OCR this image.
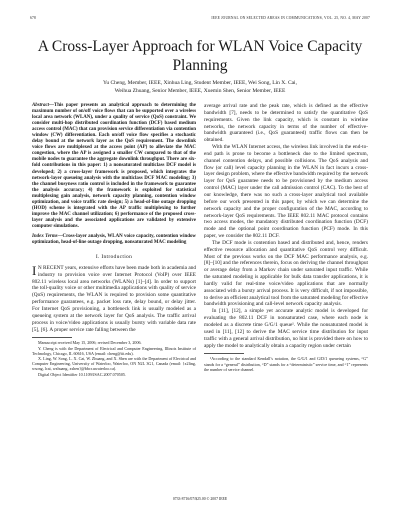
678	IEEE JOURNAL ON SELECTED AREAS IN COMMUNICATIONS, VOL. 25, NO. 4, MAY 2007
A Cross-Layer Approach for WLAN Voice Capacity Planning
Yu Cheng, Member, IEEE, Xinhua Ling, Student Member, IEEE, Wei Song, Lin X. Cai,
Weihua Zhuang, Senior Member, IEEE, Xuemin Shen, Senior Member, IEEE
Abstract—This paper presents an analytical approach to determining the maximum number of on/off voice flows that can be supported over a wireless local area network (WLAN), under a quality of service (QoS) constraint. We consider multi-hop distributed coordination function (DCF) based medium access control (MAC) that can provision service differentiation via contention window (CW) differentiation. Each on/off voice flow specifies a stochastic delay bound at the network layer as the QoS requirement. The downlink voice flows are multiplexed at the access point (AP) to alleviate the MAC congestion, where the AP is assigned a smaller CW compared to that of the mobile nodes to guarantee the aggregate downlink throughput. There are six-fold contributions in this paper: 1) a nonsaturated multiclass DCF model is developed; 2) a cross-layer framework is proposed, which integrates the network-layer queueing analysis with the multiclass DCF MAC modeling; 3) the channel busyness ratio control is included in the framework to guarantee the analysis accuracy; 4) the framework is exploited for statistical multiplexing gain analysis, network capacity planning, contention window optimization, and voice traffic rate design; 5) a head-of-line outage dropping (HOD) scheme is integrated with the AP traffic multiplexing to further improve the MAC channel utilization; 6) performance of the proposed cross-layer analysis and the associated applications are validated by extensive computer simulations.
Index Terms—Cross-layer analysis, WLAN voice capacity, contention window optimization, head-of-line outage dropping, nonsaturated MAC modeling
I. Introduction
I N RECENT years, extensive efforts have been made both in academia and industry to provision voice over Internet Protocol (VoIP) over IEEE 802.11 wireless local area networks (WLANs) [1]–[4]. In order to support the toll-quality voice or other multimedia applications with quality of service (QoS) requirements, the WLAN is required to provision some quantitative performance guarantees, e.g. packet loss rate, delay bound, or delay jitter. For Internet QoS provisioning, a bottleneck link is usually modeled as a queueing system at the network layer for QoS analysis. The traffic arrival process in voice/video applications is usually bursty with variable data rate [5], [6]. A proper service rate falling between the
Manuscript received May 15, 2006; revised December 3, 2006.
Y. Cheng is with the Department of Electrical and Computer Engineering, Illinois Institute of Technology, Chicago, IL 60616, USA (email: cheng@iit.edu).
X. Ling, W. Song, L. X. Cai, W. Zhuang, and X. Shen are with the Department of Electrical and Computer Engineering, University of Waterloo, Waterloo, ON N2L 3G1, Canada (email: {x2ling, wsong, lcai, wzhuang, xshen}@bbcr.uwaterloo.ca).
Digital Object Identifier 10.1109/JSAC.2007.070505.
average arrival rate and the peak rate, which is defined as the effective bandwidth [7], needs to be determined to satisfy the quantitative QoS requirements. Given the link capacity, which is constant in wireline networks, the network capacity in terms of the number of effective-bandwidth guaranteed (i.e., QoS guaranteed) traffic flows can then be obtained.
With the WLAN Internet access, the wireless link involved in the end-to-end path is prone to become a bottleneck due to the limited spectrum, channel contention delays, and possible collisions. The QoS analysis and flow (or call) level capacity planning in the WLAN in fact incurs a cross-layer design problem, where the effective bandwidth required by the network layer for QoS guarantee needs to be provisioned by the medium access control (MAC) layer under the call admission control (CAC). To the best of our knowledge, there was no such a cross-layer analytical tool available before our work presented in this paper, by which we can determine the network capacity and the proper configuration of the MAC, according to network-layer QoS requirements. The IEEE 802.11 MAC protocol contains two access modes, the mandatory distributed coordination function (DCF) mode and the optional point coordination function (PCF) mode. In this paper, we consider the 802.11 DCF.
The DCF mode is contention based and distributed and, hence, renders effective resource allocation and quantitative QoS control very difficult. Most of the previous works on the DCF MAC performance analysis, e.g. [8]–[10] and the references therein, focus on deriving the channel throughput or average delay from a Markov chain under saturated input traffic. While the saturated modeling is applicable for bulk data transfer applications, it is hardly valid for real-time voice/video applications that are normally associated with a bursty arrival process. It is very difficult, if not impossible, to derive an efficient analytical tool from the saturated modeling for effective bandwidth provisioning and call-level network capacity analysis.
In [11], [12], a simple yet accurate analytic model is developed for evaluating the 802.11 DCF in nonsaturated case, where each node is modeled as a discrete time G/G/1 queue¹. While the nonsaturated model is used in [11], [12] to derive the MAC service time distribution for input traffic with a general arrival distribution, no hint is provided there on how to apply the model to analytically obtain a capacity region under certain
¹According to the standard Kendall’s notation, the G/G/1 and G/D/1 queueing systems, “G” stands for a “general” distribution, “D” stands for a “deterministic” service time, and “1” represents the number of service channel.
0733-8716/07/$25.00 © 2007 IEEE
